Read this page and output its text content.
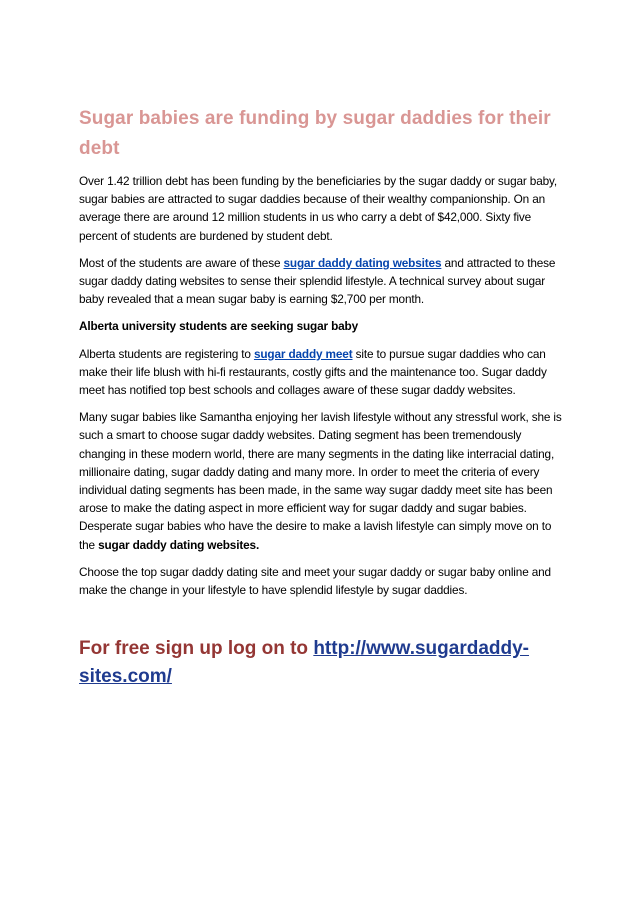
Sugar babies are funding by sugar daddies for their debt

Over 1.42 trillion debt has been funding by the beneficiaries by the sugar daddy or sugar baby, sugar babies are attracted to sugar daddies because of their wealthy companionship. On an average there are around 12 million students in us who carry a debt of $42,000. Sixty five percent of students are burdened by student debt.

Most of the students are aware of these sugar daddy dating websites and attracted to these sugar daddy dating websites to sense their splendid lifestyle. A technical survey about sugar baby revealed that a mean sugar baby is earning $2,700 per month.

Alberta university students are seeking sugar baby

Alberta students are registering to sugar daddy meet site to pursue sugar daddies who can make their life blush with hi-fi restaurants, costly gifts and the maintenance too. Sugar daddy meet has notified top best schools and collages aware of these sugar daddy websites.

Many sugar babies like Samantha enjoying her lavish lifestyle without any stressful work, she is such a smart to choose sugar daddy websites. Dating segment has been tremendously changing in these modern world, there are many segments in the dating like interracial dating, millionaire dating, sugar daddy dating and many more. In order to meet the criteria of every individual dating segments has been made, in the same way sugar daddy meet site has been arose to make the dating aspect in more efficient way for sugar daddy and sugar babies. Desperate sugar babies who have the desire to make a lavish lifestyle can simply move on to the sugar daddy dating websites.

Choose the top sugar daddy dating site and meet your sugar daddy or sugar baby online and make the change in your lifestyle to have splendid lifestyle by sugar daddies.

For free sign up log on to http://www.sugardaddy-sites.com/
